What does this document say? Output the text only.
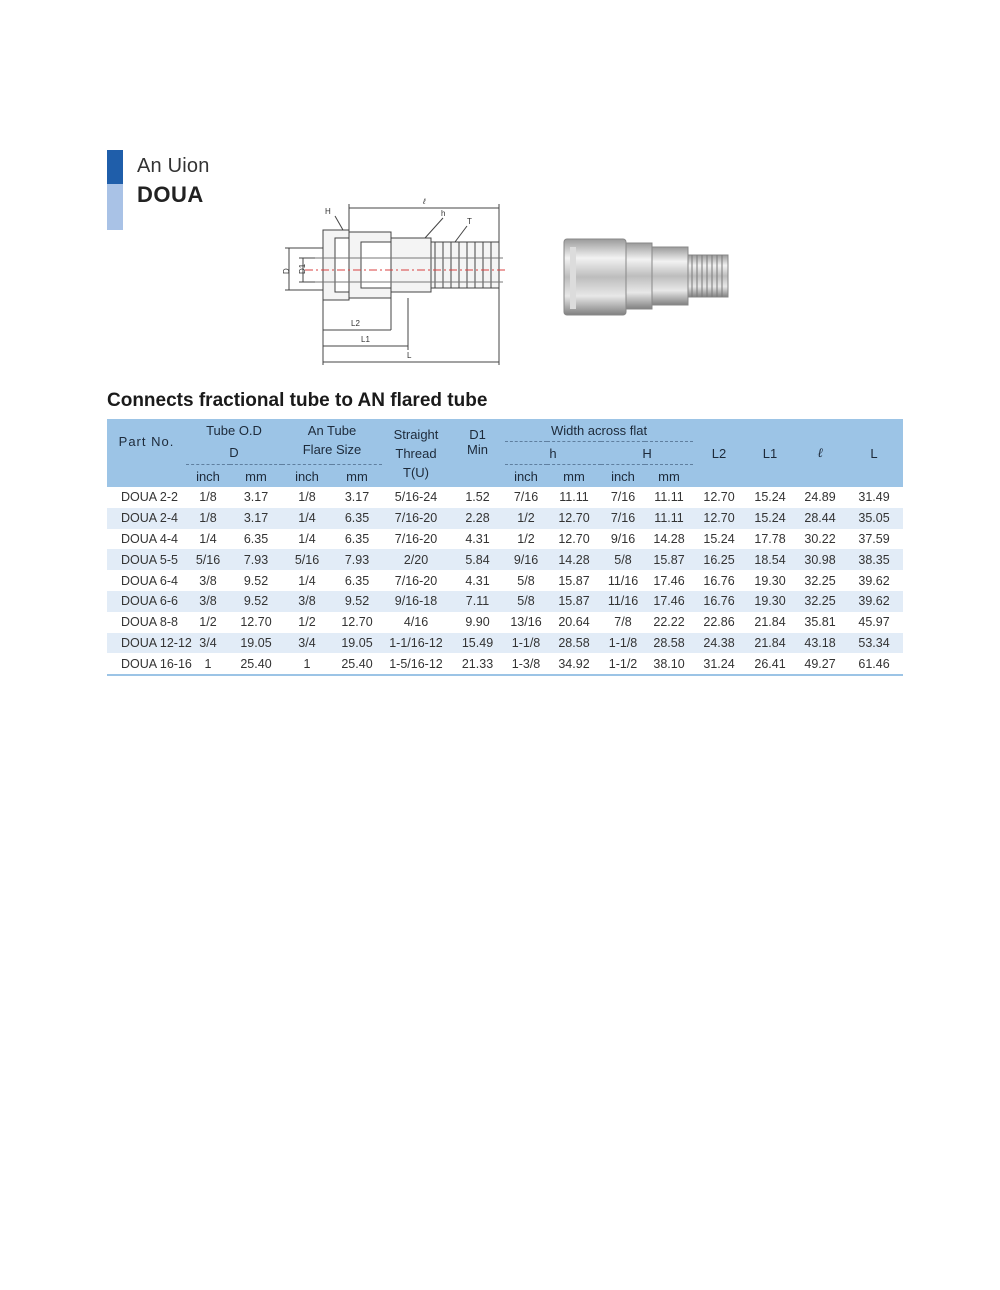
An Uion
DOUA	ℓ
h
T
H
D D1
L2
L1
L
Connects fractional tube to AN flared tube
Part No.	Tube O.D		An Tube		Straight	D1	Width across flat				L2	L1	ℓ	L
	D		Flare Size		Thread	Min	h		H					
	inch	mm	inch	mm	T(U)		inch	mm	inch	mm				
DOUA 2-2	1/8	3.17	1/8	3.17	5/16-24	1.52	7/16	11.11	7/16	11.11	12.70	15.24	24.89	31.49
DOUA 2-4	1/8	3.17	1/4	6.35	7/16-20	2.28	1/2	12.70	7/16	11.11	12.70	15.24	28.44	35.05
DOUA 4-4	1/4	6.35	1/4	6.35	7/16-20	4.31	1/2	12.70	9/16	14.28	15.24	17.78	30.22	37.59
DOUA 5-5	5/16	7.93	5/16	7.93	2/20	5.84	9/16	14.28	5/8	15.87	16.25	18.54	30.98	38.35
DOUA 6-4	3/8	9.52	1/4	6.35	7/16-20	4.31	5/8	15.87	11/16	17.46	16.76	19.30	32.25	39.62
DOUA 6-6	3/8	9.52	3/8	9.52	9/16-18	7.11	5/8	15.87	11/16	17.46	16.76	19.30	32.25	39.62
DOUA 8-8	1/2	12.70	1/2	12.70	4/16	9.90	13/16	20.64	7/8	22.22	22.86	21.84	35.81	45.97
DOUA 12-12	3/4	19.05	3/4	19.05	1-1/16-12	15.49	1-1/8	28.58	1-1/8	28.58	24.38	21.84	43.18	53.34
DOUA 16-16	1	25.40	1	25.40	1-5/16-12	21.33	1-3/8	34.92	1-1/2	38.10	31.24	26.41	49.27	61.46
